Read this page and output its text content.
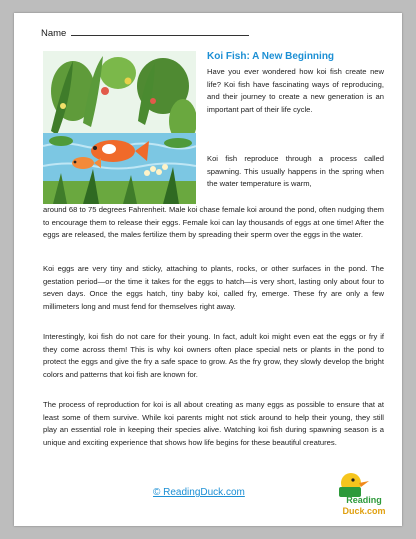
Name
Koi Fish: A New Beginning

Have you ever wondered how koi fish create new life? Koi fish have fascinating ways of reproducing, and their journey to create a new generation is an important part of their life cycle.

Koi fish reproduce through a process called spawning. This usually happens in the spring when the water temperature is warm,

around 68 to 75 degrees Fahrenheit. Male koi chase female koi around the pond, often nudging them to encourage them to release their eggs. Female koi can lay thousands of eggs at one time! After the eggs are released, the males fertilize them by spreading their sperm over the eggs in the water.

Koi eggs are very tiny and sticky, attaching to plants, rocks, or other surfaces in the pond. The gestation period—or the time it takes for the eggs to hatch—is very short, lasting only about four to seven days. Once the eggs hatch, tiny baby koi, called fry, emerge. These fry are only a few millimeters long and must fend for themselves right away.

Interestingly, koi fish do not care for their young. In fact, adult koi might even eat the eggs or fry if they come across them! This is why koi owners often place special nets or plants in the pond to protect the eggs and give the fry a safe space to grow. As the fry grow, they slowly develop the bright colors and patterns that koi fish are known for.

The process of reproduction for koi is all about creating as many eggs as possible to ensure that at least some of them survive. While koi parents might not stick around to help their young, they still play an essential role in keeping their species alive. Watching koi fish during spawning season is a unique and exciting experience that shows how life begins for these beautiful creatures.

© ReadingDuck.com
Reading
Duck.com
